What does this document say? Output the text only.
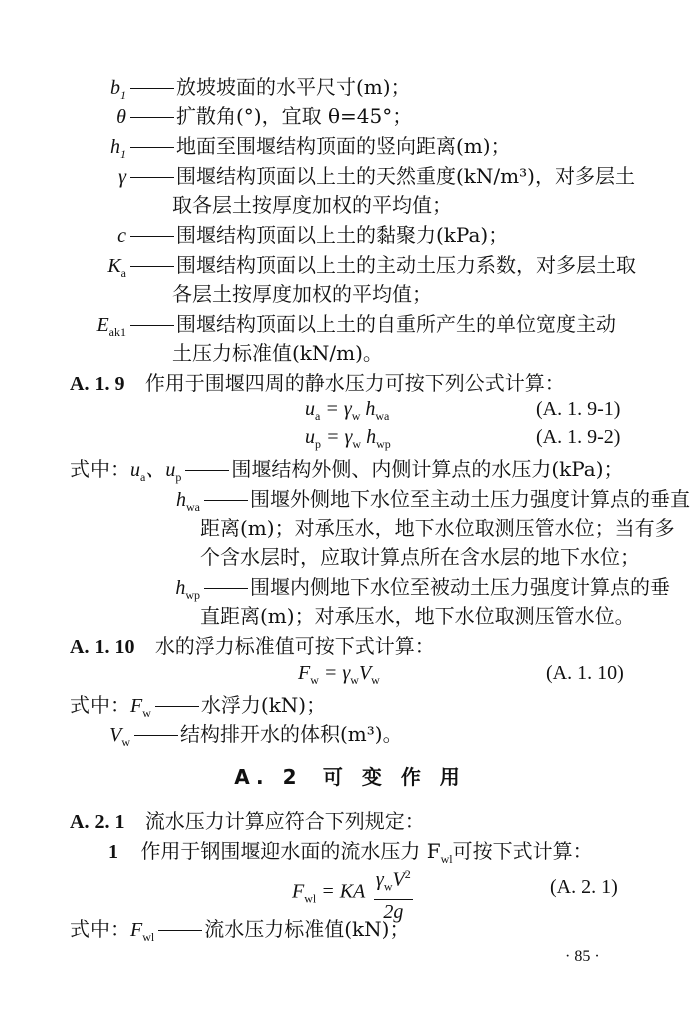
$b_1$	放坡坡面的水平尺寸(m)；
θ	扩散角(°)，宜取 θ=45°；
$h_1$	地面至围堰结构顶面的竖向距离(m)；
γ	围堰结构顶面以上土的天然重度(kN/m³)，对多层土
取各层土按厚度加权的平均值；
c	围堰结构顶面以上土的黏聚力(kPa)；
$K_a$	围堰结构顶面以上土的主动土压力系数，对多层土取
各层土按厚度加权的平均值；
$E_{ak1}$	围堰结构顶面以上土的自重所产生的单位宽度主动
土压力标准值(kN/m)。
A. 1. 9 作用于围堰四周的静水压力可按下列公式计算：
$u_a = \gamma_w$ $h_{wa}$	(A. 1. 9-1)
$u_p = \gamma_w$ $h_{wp}$	(A. 1. 9-2)
式中：$u_a$、$u_p$	围堰结构外侧、内侧计算点的水压力(kPa)；
$h_{wa}$	围堰外侧地下水位至主动土压力强度计算点的垂直
距离(m)；对承压水，地下水位取测压管水位；当有多
个含水层时，应取计算点所在含水层的地下水位；
$h_{wp}$	围堰内侧地下水位至被动土压力强度计算点的垂
直距离(m)；对承压水，地下水位取测压管水位。
A. 1. 10 水的浮力标准值可按下式计算：
$F_w = \gamma_wV_w$	(A. 1. 10)
式中：$F_w$	水浮力(kN)；
$V_w$	结构排开水的体积(m³)。
A. 2 可 变 作 用
A. 2. 1 流水压力计算应符合下列规定：
1 作用于钢围堰迎水面的流水压力 $F_{wl}$可按下式计算：
$F_{wl}$ = KA $\frac{\gamma_wV^2}{2g}$	(A. 2. 1)
式中：$F_{wl}$	流水压力标准值(kN)；
· 85 ·
